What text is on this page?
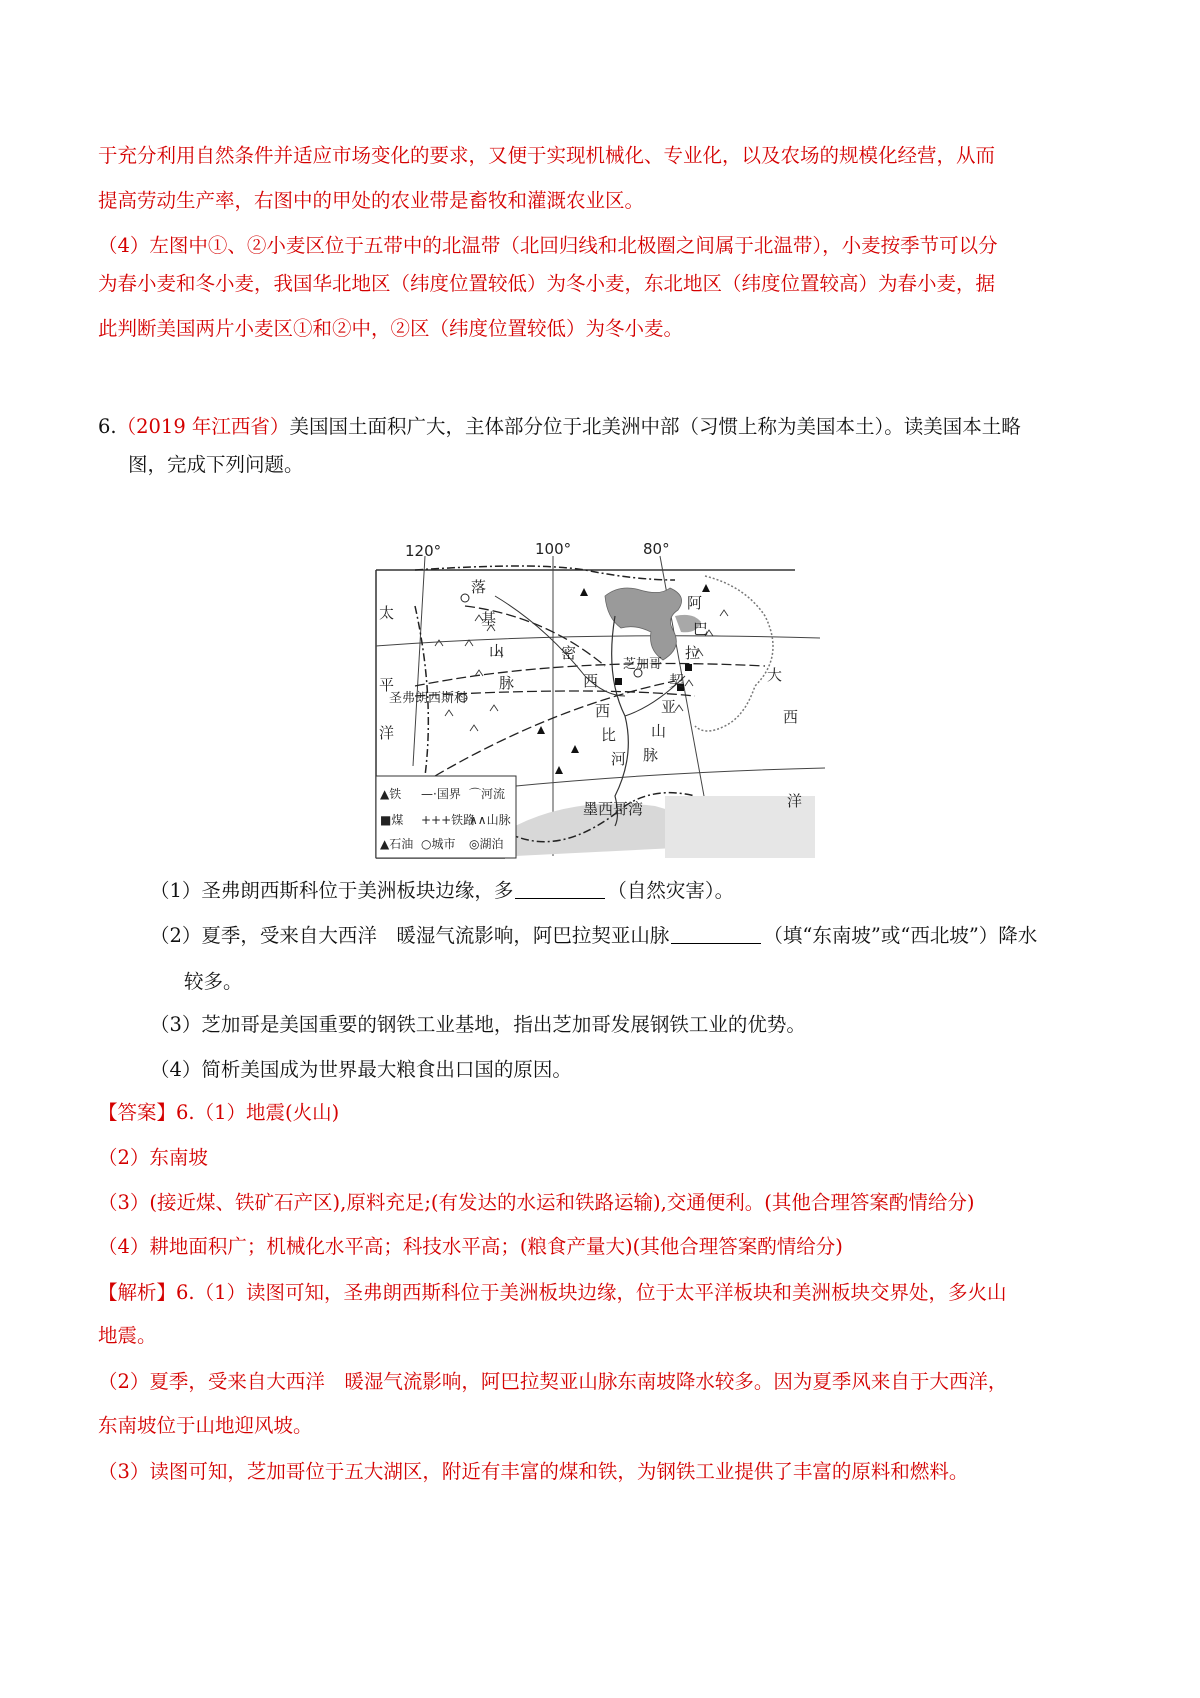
于充分利用自然条件并适应市场变化的要求，又便于实现机械化、专业化，以及农场的规模化经营，从而
提高劳动生产率，右图中的甲处的农业带是畜牧和灌溉农业区。
（4）左图中①、②小麦区位于五带中的北温带（北回归线和北极圈之间属于北温带），小麦按季节可以分
为春小麦和冬小麦，我国华北地区（纬度位置较低）为冬小麦，东北地区（纬度位置较高）为春小麦，据
此判断美国两片小麦区①和②中，②区（纬度位置较低）为冬小麦。
6.（2019 年江西省）美国国土面积广大，主体部分位于北美洲中部（习惯上称为美国本土）。读美国本土略
图，完成下列问题。
120°	100°	80°
太
平
洋
落
基
山
脉
圣弗朗西斯科
密
西
西
比
河
芝加哥
阿
巴
拉
契
亚
山
脉
大
西
洋
墨西哥湾
▲铁 —·国界 ⌒河流
■煤 +++铁路
∧∧山脉
▲石油 ○城市 ◎湖泊
（1）圣弗朗西斯科位于美洲板块边缘，多	（自然灾害）。
（2）夏季，受来自大西洋　暖湿气流影响，阿巴拉契亚山脉	（填“东南坡”或“西北坡”）降水
较多。
（3）芝加哥是美国重要的钢铁工业基地，指出芝加哥发展钢铁工业的优势。
（4）简析美国成为世界最大粮食出口国的原因。
【答案】6.（1）地震(火山)
（2）东南坡
（3）(接近煤、铁矿石产区),原料充足;(有发达的水运和铁路运输),交通便利。(其他合理答案酌情给分)
（4）耕地面积广；机械化水平高；科技水平高；(粮食产量大)(其他合理答案酌情给分)
【解析】6.（1）读图可知，圣弗朗西斯科位于美洲板块边缘，位于太平洋板块和美洲板块交界处，多火山
地震。
（2）夏季，受来自大西洋　暖湿气流影响，阿巴拉契亚山脉东南坡降水较多。因为夏季风来自于大西洋，
东南坡位于山地迎风坡。
（3）读图可知，芝加哥位于五大湖区，附近有丰富的煤和铁，为钢铁工业提供了丰富的原料和燃料。
